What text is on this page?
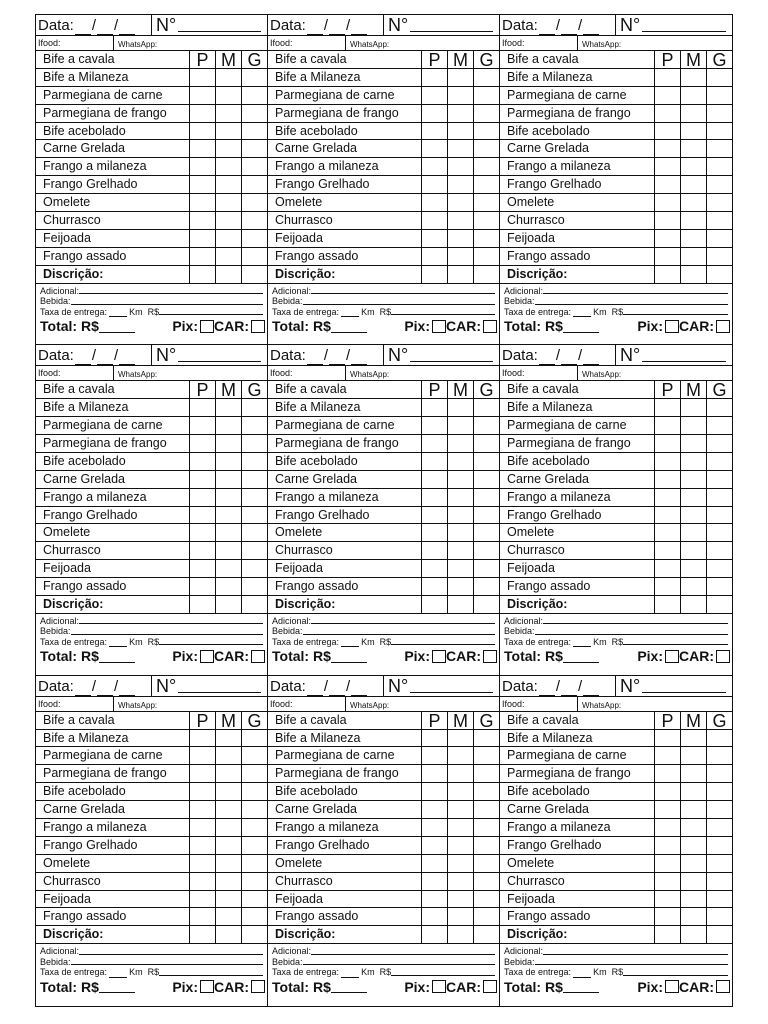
Data: / / N°
Ifood:	WhatsApp:
Bife a cavala	P M G
Bife a Milaneza
Parmegiana de carne
Parmegiana de frango
Bife acebolado
Carne Grelada
Frango a milaneza
Frango Grelhado
Omelete
Churrasco
Feijoada
Frango assado
Discrição:
Adicional:
Bebida:
Taxa de entrega: Km
R$
Total: R$	Pix: CAR:
Data: / / N°
Ifood:	WhatsApp:
Bife a cavala	P M G
Bife a Milaneza
Parmegiana de carne
Parmegiana de frango
Bife acebolado
Carne Grelada
Frango a milaneza
Frango Grelhado
Omelete
Churrasco
Feijoada
Frango assado
Discrição:
Adicional:
Bebida:
Taxa de entrega: Km
R$
Total: R$	Pix: CAR:
Data: / / N°
Ifood:	WhatsApp:
Bife a cavala	P M G
Bife a Milaneza
Parmegiana de carne
Parmegiana de frango
Bife acebolado
Carne Grelada
Frango a milaneza
Frango Grelhado
Omelete
Churrasco
Feijoada
Frango assado
Discrição:
Adicional:
Bebida:
Taxa de entrega: Km
R$
Total: R$	Pix: CAR:
Data: / / N°
Ifood:	WhatsApp:
Bife a cavala	P M G
Bife a Milaneza
Parmegiana de carne
Parmegiana de frango
Bife acebolado
Carne Grelada
Frango a milaneza
Frango Grelhado
Omelete
Churrasco
Feijoada
Frango assado
Discrição:
Adicional:
Bebida:
Taxa de entrega: Km
R$
Total: R$	Pix: CAR:
Data: / / N°
Ifood:	WhatsApp:
Bife a cavala	P M G
Bife a Milaneza
Parmegiana de carne
Parmegiana de frango
Bife acebolado
Carne Grelada
Frango a milaneza
Frango Grelhado
Omelete
Churrasco
Feijoada
Frango assado
Discrição:
Adicional:
Bebida:
Taxa de entrega: Km
R$
Total: R$	Pix: CAR:
Data: / / N°
Ifood:	WhatsApp:
Bife a cavala	P M G
Bife a Milaneza
Parmegiana de carne
Parmegiana de frango
Bife acebolado
Carne Grelada
Frango a milaneza
Frango Grelhado
Omelete
Churrasco
Feijoada
Frango assado
Discrição:
Adicional:
Bebida:
Taxa de entrega: Km
R$
Total: R$	Pix: CAR:
Data: / / N°
Ifood:	WhatsApp:
Bife a cavala	P M G
Bife a Milaneza
Parmegiana de carne
Parmegiana de frango
Bife acebolado
Carne Grelada
Frango a milaneza
Frango Grelhado
Omelete
Churrasco
Feijoada
Frango assado
Discrição:
Adicional:
Bebida:
Taxa de entrega: Km
R$
Total: R$	Pix: CAR:
Data: / / N°
Ifood:	WhatsApp:
Bife a cavala	P M G
Bife a Milaneza
Parmegiana de carne
Parmegiana de frango
Bife acebolado
Carne Grelada
Frango a milaneza
Frango Grelhado
Omelete
Churrasco
Feijoada
Frango assado
Discrição:
Adicional:
Bebida:
Taxa de entrega: Km
R$
Total: R$	Pix: CAR:
Data: / / N°
Ifood:	WhatsApp:
Bife a cavala	P M G
Bife a Milaneza
Parmegiana de carne
Parmegiana de frango
Bife acebolado
Carne Grelada
Frango a milaneza
Frango Grelhado
Omelete
Churrasco
Feijoada
Frango assado
Discrição:
Adicional:
Bebida:
Taxa de entrega: Km
R$
Total: R$	Pix: CAR:
